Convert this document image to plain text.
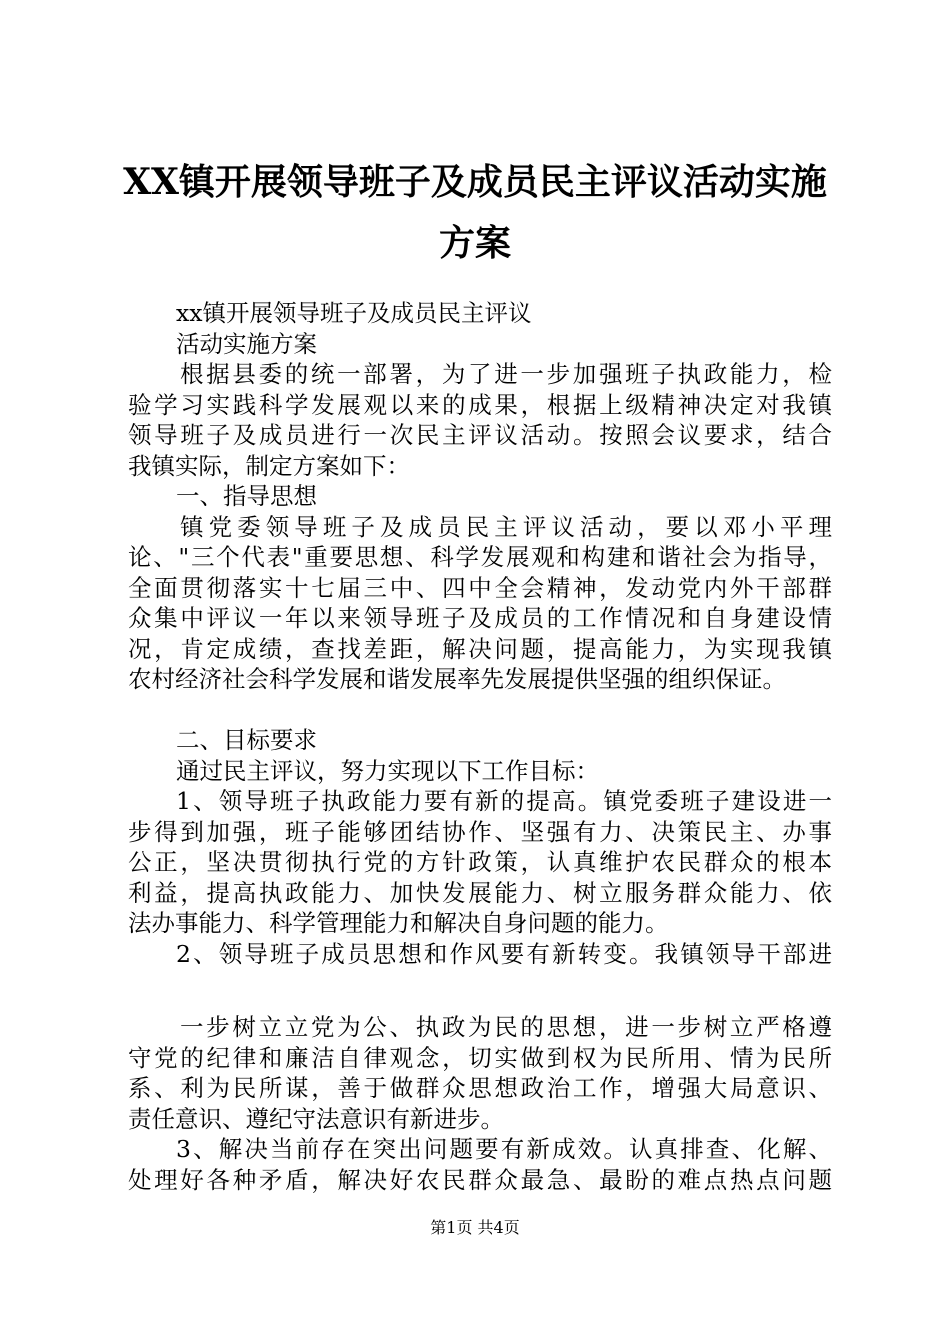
XX镇开展领导班子及成员民主评议活动实施
方案
xx镇开展领导班子及成员民主评议
活动实施方案
根据县委的统一部署，为了进一步加强班子执政能力，检
验学习实践科学发展观以来的成果，根据上级精神决定对我镇
领导班子及成员进行一次民主评议活动。按照会议要求，结合
我镇实际，制定方案如下：
一、指导思想
镇党委领导班子及成员民主评议活动，要以邓小平理
论、"三个代表"重要思想、科学发展观和构建和谐社会为指导，
全面贯彻落实十七届三中、四中全会精神，发动党内外干部群
众集中评议一年以来领导班子及成员的工作情况和自身建设情
况，肯定成绩，查找差距，解决问题，提高能力，为实现我镇
农村经济社会科学发展和谐发展率先发展提供坚强的组织保证。
二、目标要求
通过民主评议，努力实现以下工作目标：
1、领导班子执政能力要有新的提高。镇党委班子建设进一
步得到加强，班子能够团结协作、坚强有力、决策民主、办事
公正，坚决贯彻执行党的方针政策，认真维护农民群众的根本
利益，提高执政能力、加快发展能力、树立服务群众能力、依
法办事能力、科学管理能力和解决自身问题的能力。
2、领导班子成员思想和作风要有新转变。我镇领导干部进
一步树立立党为公、执政为民的思想，进一步树立严格遵
守党的纪律和廉洁自律观念，切实做到权为民所用、情为民所
系、利为民所谋，善于做群众思想政治工作，增强大局意识、
责任意识、遵纪守法意识有新进步。
3、解决当前存在突出问题要有新成效。认真排查、化解、
处理好各种矛盾，解决好农民群众最急、最盼的难点热点问题
第1页 共4页
